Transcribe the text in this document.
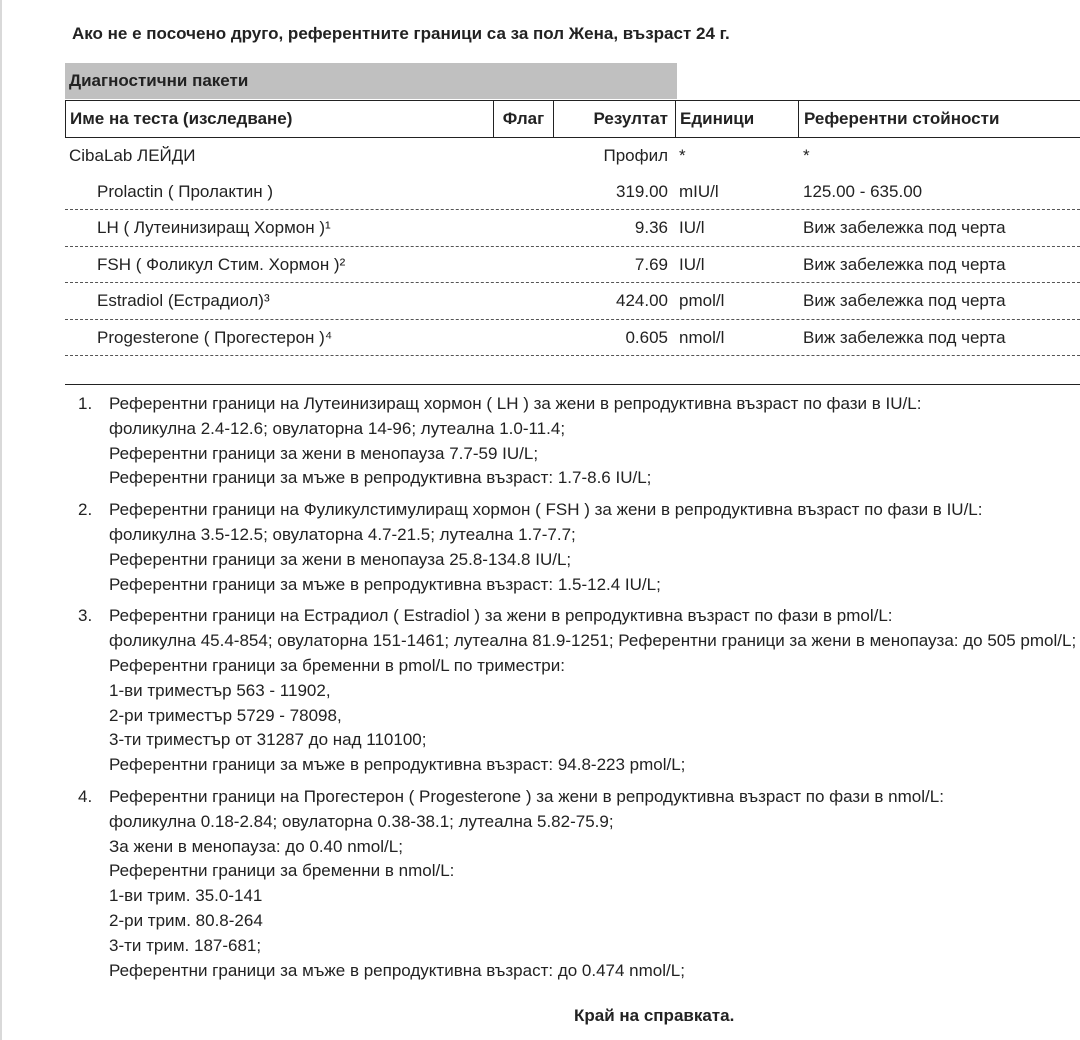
Ако не е посочено друго, референтните граници са за пол Жена, възраст 24 г.
Диагностични пакети
Име на теста (изследване)	Флаг	Резултат Единици	Референтни стойности
CibaLab ЛЕЙДИ	Профил *	*
Prolactin ( Пролактин )	319.00 mIU/l	125.00 - 635.00
LH ( Лутеинизиращ Хормон )¹	9.36 IU/l	Виж забележка под черта
FSH ( Фоликул Стим. Хормон )²	7.69 IU/l	Виж забележка под черта
Estradiol (Естрадиол)³	424.00 pmol/l	Виж забележка под черта
Progesterone ( Прогестерон )⁴	0.605 nmol/l	Виж забележка под черта
1. Референтни граници на Лутеинизиращ хормон ( LH ) за жени в репродуктивна възраст по фази в IU/L:
фоликулна 2.4-12.6; овулаторна 14-96; лутеална 1.0-11.4;
Референтни граници за жени в менопауза 7.7-59 IU/L;
Референтни граници за мъже в репродуктивна възраст: 1.7-8.6 IU/L;
2. Референтни граници на Фуликулстимулиращ хормон ( FSH ) за жени в репродуктивна възраст по фази в IU/L:
фоликулна 3.5-12.5; овулаторна 4.7-21.5; лутеална 1.7-7.7;
Референтни граници за жени в менопауза 25.8-134.8 IU/L;
Референтни граници за мъже в репродуктивна възраст: 1.5-12.4 IU/L;
3. Референтни граници на Естрадиол ( Estradiol ) за жени в репродуктивна възраст по фази в pmol/L:
фоликулна 45.4-854; овулаторна 151-1461; лутеална 81.9-1251; Референтни граници за жени в менопауза: до 505 pmol/L;
Референтни граници за бременни в pmol/L по триместри:
1-ви триместър 563 - 11902,
2-ри триместър 5729 - 78098,
3-ти триместър от 31287 до над 110100;
Референтни граници за мъже в репродуктивна възраст: 94.8-223 pmol/L;
4. Референтни граници на Прогестерон ( Progesterone ) за жени в репродуктивна възраст по фази в nmol/L:
фоликулна 0.18-2.84; овулаторна 0.38-38.1; лутеална 5.82-75.9;
За жени в менопауза: до 0.40 nmol/L;
Референтни граници за бременни в nmol/L:
1-ви трим. 35.0-141
2-ри трим. 80.8-264
3-ти трим. 187-681;
Референтни граници за мъже в репродуктивна възраст: до 0.474 nmol/L;
Край на справката.
